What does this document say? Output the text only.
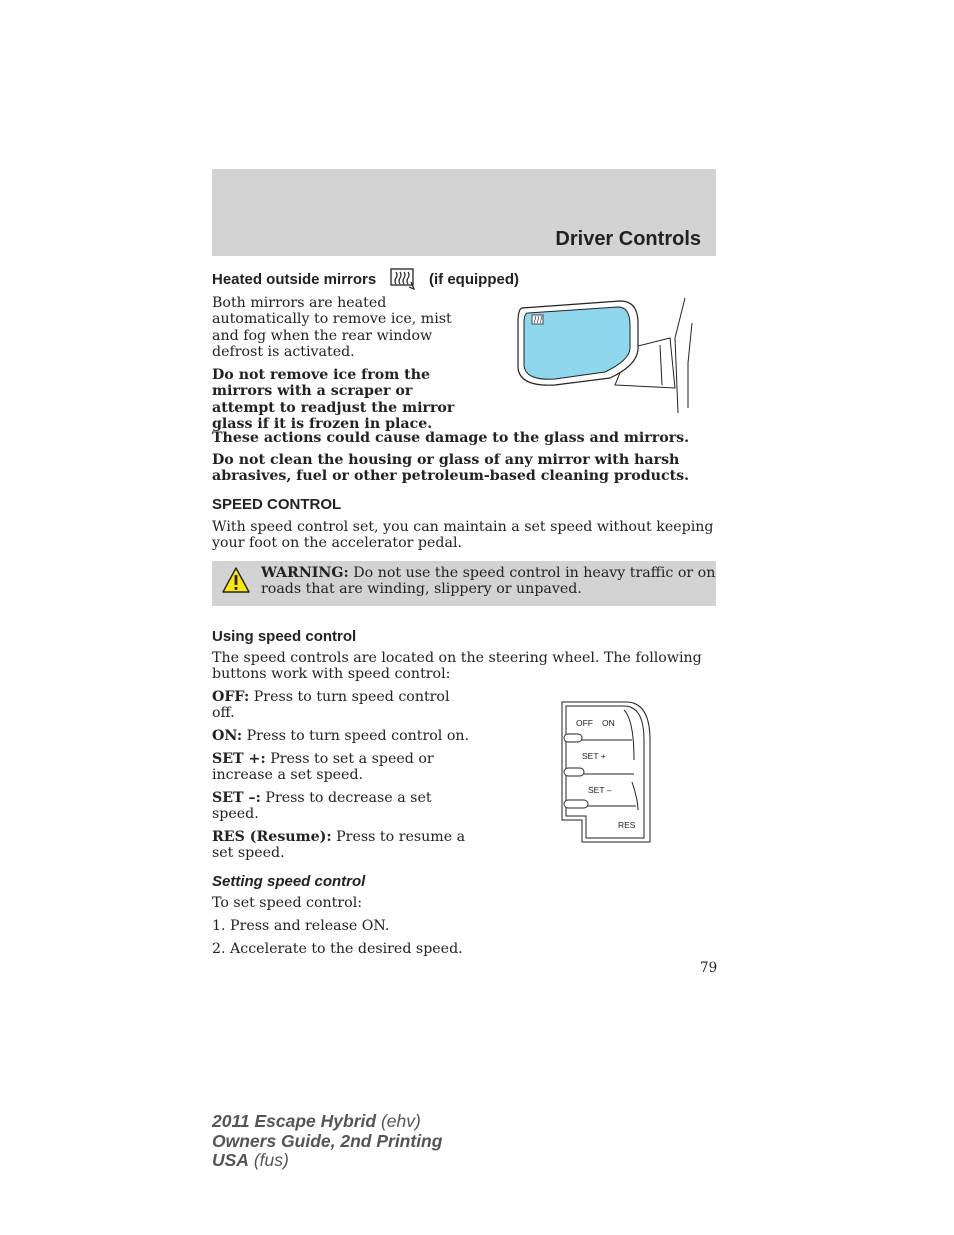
Driver Controls
Heated outside mirrors	(if equipped)
Both mirrors are heated
automatically to remove ice, mist
and fog when the rear window
defrost is activated.
Do not remove ice from the
mirrors with a scraper or
attempt to readjust the mirror
glass if it is frozen in place.
These actions could cause damage to the glass and mirrors.
Do not clean the housing or glass of any mirror with harsh
abrasives, fuel or other petroleum-based cleaning products.
SPEED CONTROL
With speed control set, you can maintain a set speed without keeping
your foot on the accelerator pedal.
WARNING: Do not use the speed control in heavy traffic or on
roads that are winding, slippery or unpaved.
Using speed control
The speed controls are located on the steering wheel. The following
buttons work with speed control:
OFF: Press to turn speed control
off.
ON: Press to turn speed control on.
SET +: Press to set a speed or
increase a set speed.
SET –: Press to decrease a set
speed.
RES (Resume): Press to resume a
set speed.
OFF ON
SET +
SET –
RES
Setting speed control
To set speed control:
1. Press and release ON.
2. Accelerate to the desired speed.
79
2011 Escape Hybrid (ehv)
Owners Guide, 2nd Printing
USA (fus)
